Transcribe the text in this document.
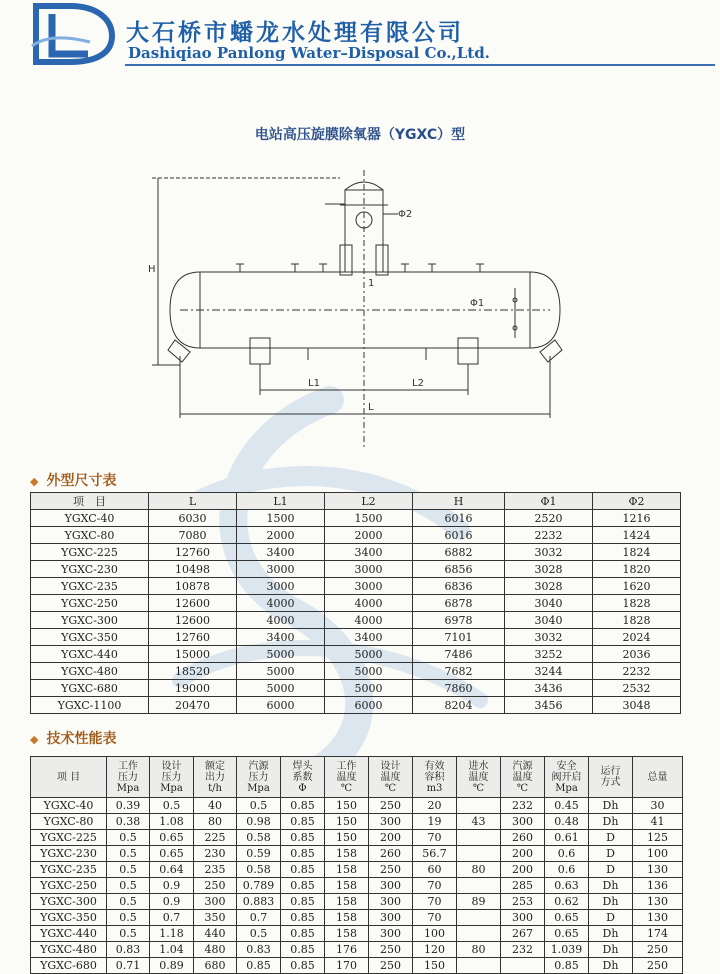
大石桥市蟠龙水处理有限公司
Dashiqiao Panlong Water–Disposal Co.,Ltd.
电站高压旋膜除氧器（YGXC）型
H
L1	L2
L
Φ2
Φ1
1
◆ 外型尺寸表
项　目	L	L1	L2	H	Φ1	Φ2
YGXC-40	6030	1500	1500	6016	2520	1216
YGXC-80	7080	2000	2000	6016	2232	1424
YGXC-225	12760	3400	3400	6882	3032	1824
YGXC-230	10498	3000	3000	6856	3028	1820
YGXC-235	10878	3000	3000	6836	3028	1620
YGXC-250	12600	4000	4000	6878	3040	1828
YGXC-300	12600	4000	4000	6978	3040	1828
YGXC-350	12760	3400	3400	7101	3032	2024
YGXC-440	15000	5000	5000	7486	3252	2036
YGXC-480	18520	5000	5000	7682	3244	2232
YGXC-680	19000	5000	5000	7860	3436	2532
YGXC-1100	20470	6000	6000	8204	3456	3048
◆ 技术性能表
项 目	工作
压力
Mpa	设计
压力
Mpa	额定
出力
t/h	汽源
压力
Mpa	焊头
系数
Φ	工作
温度
℃	设计
温度
℃	有效
容积
m3	进水
温度
℃	汽源
温度
℃	安全
阀开启
Mpa	运行
方式	总量
YGXC-40	0.39	0.5	40	0.5	0.85	150	250	20		232	0.45	Dh	30
YGXC-80	0.38	1.08	80	0.98	0.85	150	300	19	43	300	0.48	Dh	41
YGXC-225	0.5	0.65	225	0.58	0.85	150	200	70		260	0.61	D	125
YGXC-230	0.5	0.65	230	0.59	0.85	158	260	56.7		200	0.6	D	100
YGXC-235	0.5	0.64	235	0.58	0.85	158	250	60	80	200	0.6	D	130
YGXC-250	0.5	0.9	250	0.789	0.85	158	300	70		285	0.63	Dh	136
YGXC-300	0.5	0.9	300	0.883	0.85	158	300	70	89	253	0.62	Dh	130
YGXC-350	0.5	0.7	350	0.7	0.85	158	300	70		300	0.65	D	130
YGXC-440	0.5	1.18	440	0.5	0.85	158	300	100		267	0.65	Dh	174
YGXC-480	0.83	1.04	480	0.83	0.85	176	250	120	80	232	1.039	Dh	250
YGXC-680	0.71	0.89	680	0.85	0.85	170	250	150			0.85	Dh	250
